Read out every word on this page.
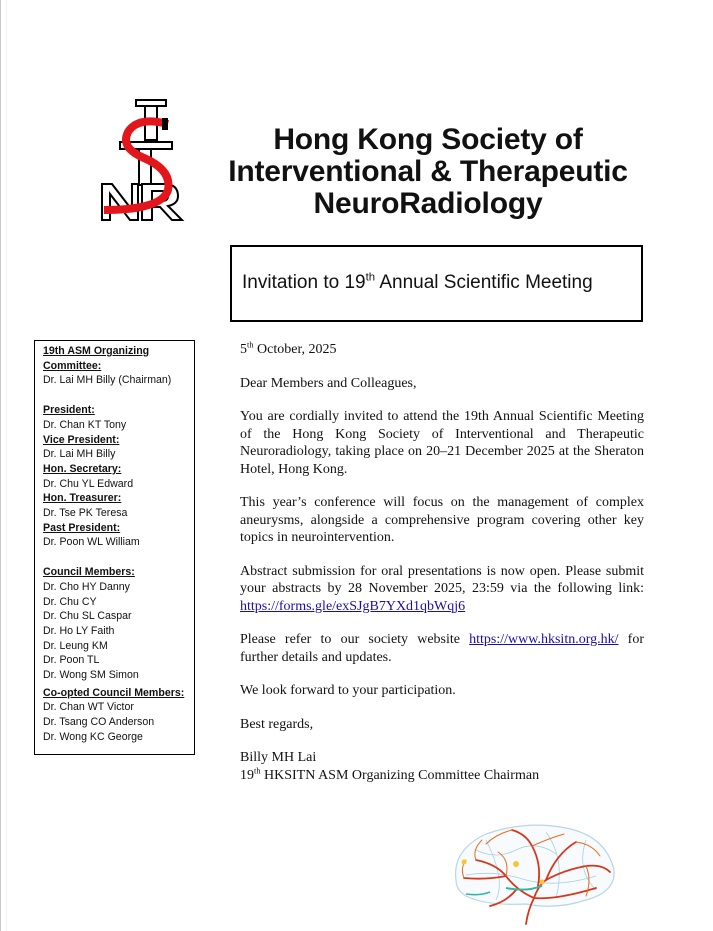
Hong Kong Society of
Interventional & Therapeutic
NeuroRadiology
Invitation to 19th Annual Scientific Meeting
19th ASM Organizing
Committee:
Dr. Lai MH Billy (Chairman)
President:
Dr. Chan KT Tony
Vice President:
Dr. Lai MH Billy
Hon. Secretary:
Dr. Chu YL Edward
Hon. Treasurer:
Dr. Tse PK Teresa
Past President:
Dr. Poon WL William
Council Members:
Dr. Cho HY Danny
Dr. Chu CY
Dr. Chu SL Caspar
Dr. Ho LY Faith
Dr. Leung KM
Dr. Poon TL
Dr. Wong SM Simon
Co-opted Council Members:
Dr. Chan WT Victor
Dr. Tsang CO Anderson
Dr. Wong KC George

5th October, 2025

Dear Members and Colleagues,

You are cordially invited to attend the 19th Annual Scientific Meeting of the Hong Kong Society of Interventional and Therapeutic Neuroradiology, taking place on 20–21 December 2025 at the Sheraton Hotel, Hong Kong.

This year’s conference will focus on the management of complex aneurysms, alongside a comprehensive program covering other key topics in neurointervention.

Abstract submission for oral presentations is now open. Please submit your abstracts by 28 November 2025, 23:59 via the following link: https://forms.gle/exSJgB7YXd1qbWqj6

Please refer to our society website https://www.hksitn.org.hk/ for further details and updates.

We look forward to your participation.

Best regards,

Billy MH Lai

19th HKSITN ASM Organizing Committee Chairman
